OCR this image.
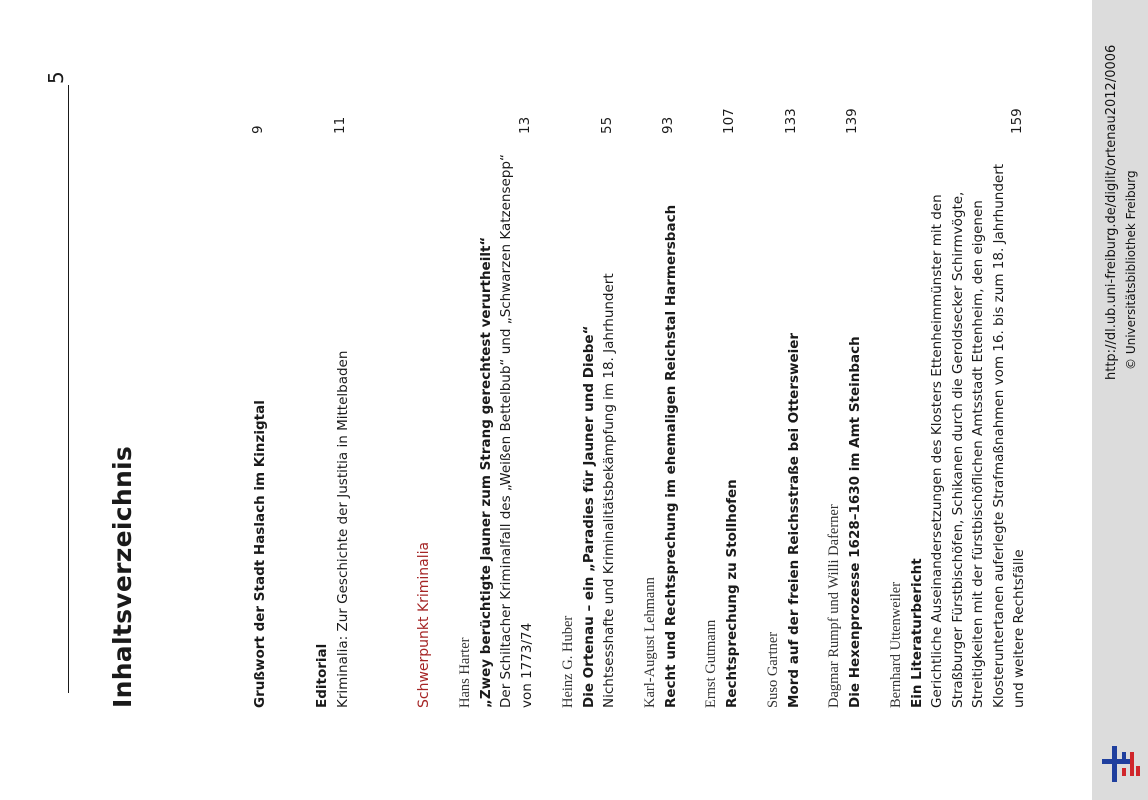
5
Inhaltsverzeichnis	Grußwort der Stadt Haslach im Kinzigtal
9
Editorial Kriminalia: Zur Geschichte der Justitia in Mittelbaden
11
Schwerpunkt Kriminalia Hans Harter „Zwey berüchtigte Jauner zum Strang gerechtest verurtheilt“ Der Schiltacher Kriminalfall des „Weißen Bettelbub“ und „Schwarzen Katzensepp“ von 1773/74
13
Heinz G. Huber Die Ortenau – ein „Paradies für Jauner und Diebe“ Nichtsesshafte und Kriminalitätsbekämpfung im 18. Jahrhundert
55
Karl-August Lehmann Recht und Rechtsprechung im ehemaligen Reichstal Harmersbach
93
Ernst Gutmann Rechtsprechung zu Stollhofen
107
Suso Gartner Mord auf der freien Reichsstraße bei Ottersweier
133
Dagmar Rumpf und Willi Daferner Die Hexenprozesse 1628–1630 im Amt Steinbach
139
Bernhard Uttenweiler Ein Literaturbericht Gerichtliche Auseinandersetzungen des Klosters Ettenheimmünster mit den Straßburger Fürstbischöfen, Schikanen durch die Geroldsecker Schirmvögte, Streitigkeiten mit der fürstbischöflichen Amtsstadt Ettenheim, den eigenen Klosteruntertanen auferlegte Strafmaßnahmen vom 16. bis zum 18. Jahrhundert und weitere Rechtsfälle
159	http://dl.ub.uni-freiburg.de/diglit/ortenau2012/0006 © Universitätsbibliothek Freiburg
